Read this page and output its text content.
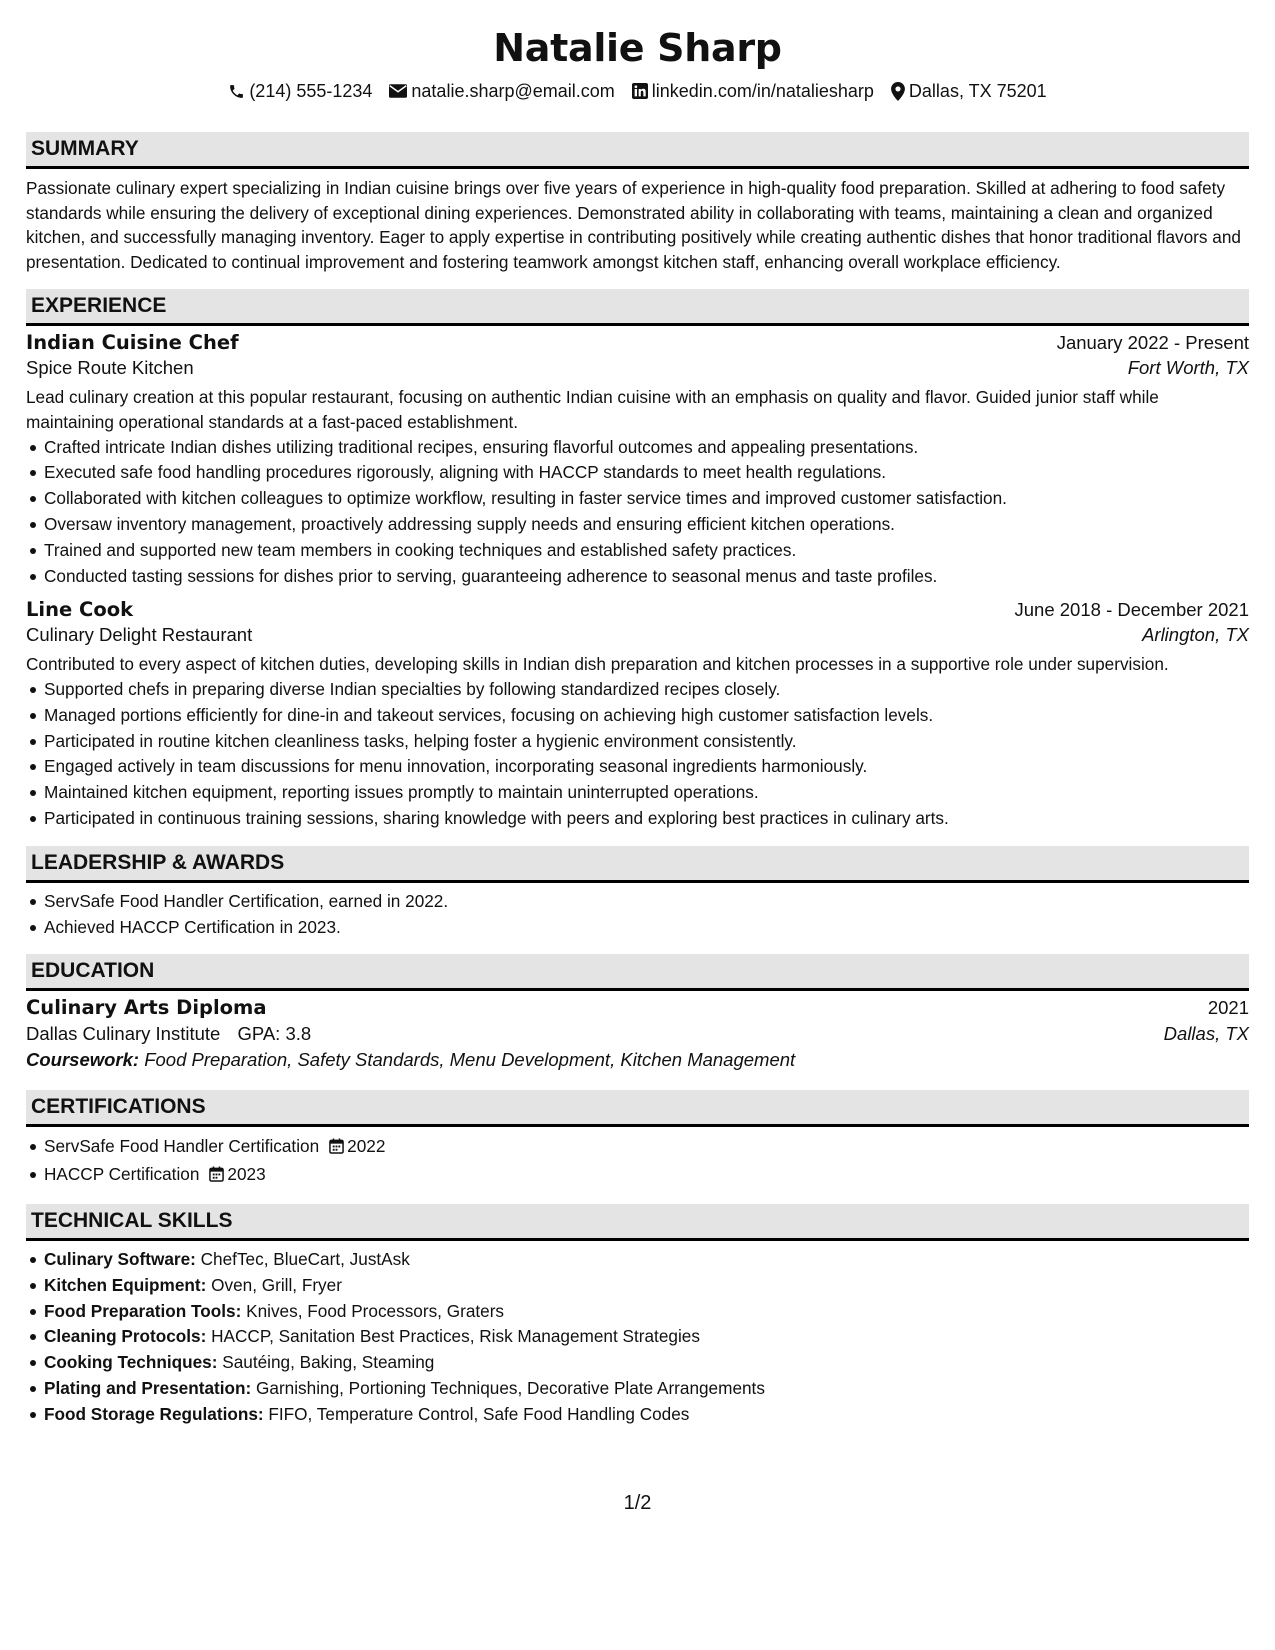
Natalie Sharp
(214) 555-1234 natalie.sharp@email.com linkedin.com/in/nataliesharp Dallas, TX 75201
SUMMARY

Passionate culinary expert specializing in Indian cuisine brings over five years of experience in high-quality food preparation. Skilled at adhering to food safety standards while ensuring the delivery of exceptional dining experiences. Demonstrated ability in collaborating with teams, maintaining a clean and organized kitchen, and successfully managing inventory. Eager to apply expertise in contributing positively while creating authentic dishes that honor traditional flavors and presentation. Dedicated to continual improvement and fostering teamwork amongst kitchen staff, enhancing overall workplace efficiency.

EXPERIENCE
Indian Cuisine Chef	January 2022 - Present
Spice Route Kitchen	Fort Worth, TX

Lead culinary creation at this popular restaurant, focusing on authentic Indian cuisine with an emphasis on quality and flavor. Guided junior staff while maintaining operational standards at a fast-paced establishment.

Crafted intricate Indian dishes utilizing traditional recipes, ensuring flavorful outcomes and appealing presentations.
Executed safe food handling procedures rigorously, aligning with HACCP standards to meet health regulations.
Collaborated with kitchen colleagues to optimize workflow, resulting in faster service times and improved customer satisfaction.
Oversaw inventory management, proactively addressing supply needs and ensuring efficient kitchen operations.
Trained and supported new team members in cooking techniques and established safety practices.
Conducted tasting sessions for dishes prior to serving, guaranteeing adherence to seasonal menus and taste profiles.
Line Cook	June 2018 - December 2021
Culinary Delight Restaurant	Arlington, TX

Contributed to every aspect of kitchen duties, developing skills in Indian dish preparation and kitchen processes in a supportive role under supervision.

Supported chefs in preparing diverse Indian specialties by following standardized recipes closely.
Managed portions efficiently for dine-in and takeout services, focusing on achieving high customer satisfaction levels.
Participated in routine kitchen cleanliness tasks, helping foster a hygienic environment consistently.
Engaged actively in team discussions for menu innovation, incorporating seasonal ingredients harmoniously.
Maintained kitchen equipment, reporting issues promptly to maintain uninterrupted operations.
Participated in continuous training sessions, sharing knowledge with peers and exploring best practices in culinary arts.
LEADERSHIP & AWARDS
ServSafe Food Handler Certification, earned in 2022.
Achieved HACCP Certification in 2023.
EDUCATION
Culinary Arts Diploma	2021
Dallas Culinary Institute GPA: 3.8	Dallas, TX
Coursework: Food Preparation, Safety Standards, Menu Development, Kitchen Management
CERTIFICATIONS
ServSafe Food Handler Certification 2022
HACCP Certification 2023
TECHNICAL SKILLS
Culinary Software: ChefTec, BlueCart, JustAsk
Kitchen Equipment: Oven, Grill, Fryer
Food Preparation Tools: Knives, Food Processors, Graters
Cleaning Protocols: HACCP, Sanitation Best Practices, Risk Management Strategies
Cooking Techniques: Sautéing, Baking, Steaming
Plating and Presentation: Garnishing, Portioning Techniques, Decorative Plate Arrangements
Food Storage Regulations: FIFO, Temperature Control, Safe Food Handling Codes
1/2
